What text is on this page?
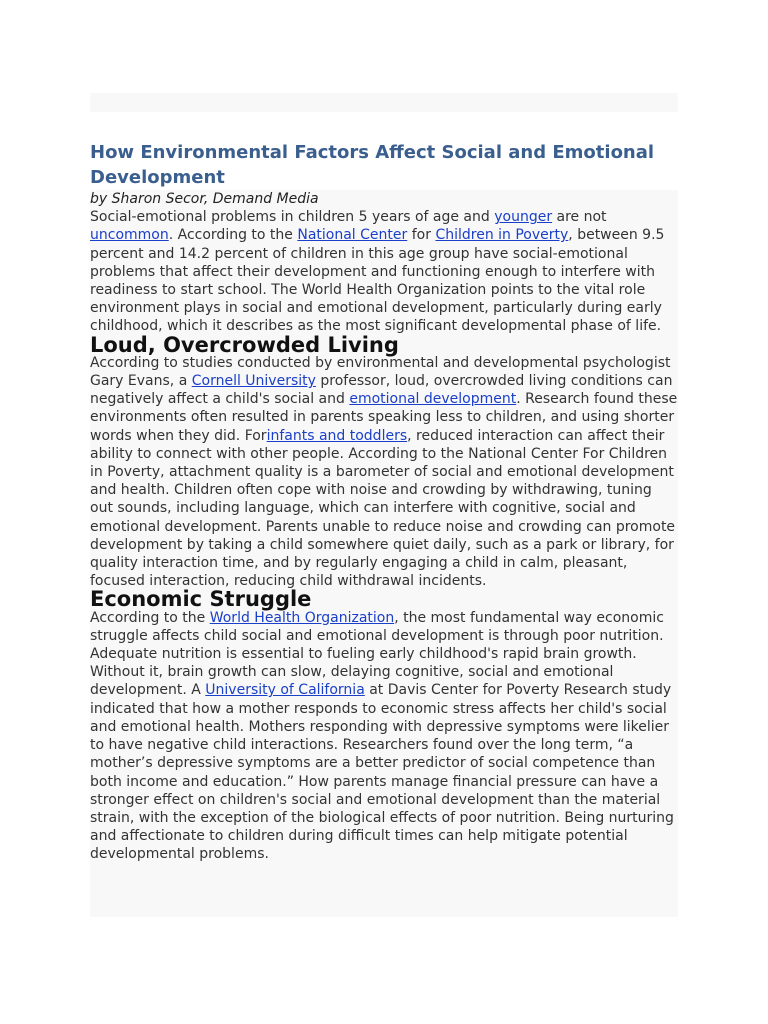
How Environmental Factors Affect Social and Emotional Development
by Sharon Secor, Demand Media

Social-emotional problems in children 5 years of age and younger are not uncommon. According to the National Center for Children in Poverty, between 9.5 percent and 14.2 percent of children in this age group have social-emotional problems that affect their development and functioning enough to interfere with readiness to start school. The World Health Organization points to the vital role environment plays in social and emotional development, particularly during early childhood, which it describes as the most significant developmental phase of life.

Loud, Overcrowded Living

According to studies conducted by environmental and developmental psychologist Gary Evans, a Cornell University professor, loud, overcrowded living conditions can negatively affect a child's social and emotional development. Research found these environments often resulted in parents speaking less to children, and using shorter words when they did. Forinfants and toddlers, reduced interaction can affect their ability to connect with other people. According to the National Center For Children in Poverty, attachment quality is a barometer of social and emotional development and health. Children often cope with noise and crowding by withdrawing, tuning out sounds, including language, which can interfere with cognitive, social and emotional development. Parents unable to reduce noise and crowding can promote development by taking a child somewhere quiet daily, such as a park or library, for quality interaction time, and by regularly engaging a child in calm, pleasant, focused interaction, reducing child withdrawal incidents.

Economic Struggle

According to the World Health Organization, the most fundamental way economic struggle affects child social and emotional development is through poor nutrition. Adequate nutrition is essential to fueling early childhood's rapid brain growth. Without it, brain growth can slow, delaying cognitive, social and emotional development. A University of California at Davis Center for Poverty Research study indicated that how a mother responds to economic stress affects her child's social and emotional health. Mothers responding with depressive symptoms were likelier to have negative child interactions. Researchers found over the long term, “a mother’s depressive symptoms are a better predictor of social competence than both income and education.” How parents manage financial pressure can have a stronger effect on children's social and emotional development than the material strain, with the exception of the biological effects of poor nutrition. Being nurturing and affectionate to children during difficult times can help mitigate potential developmental problems.
